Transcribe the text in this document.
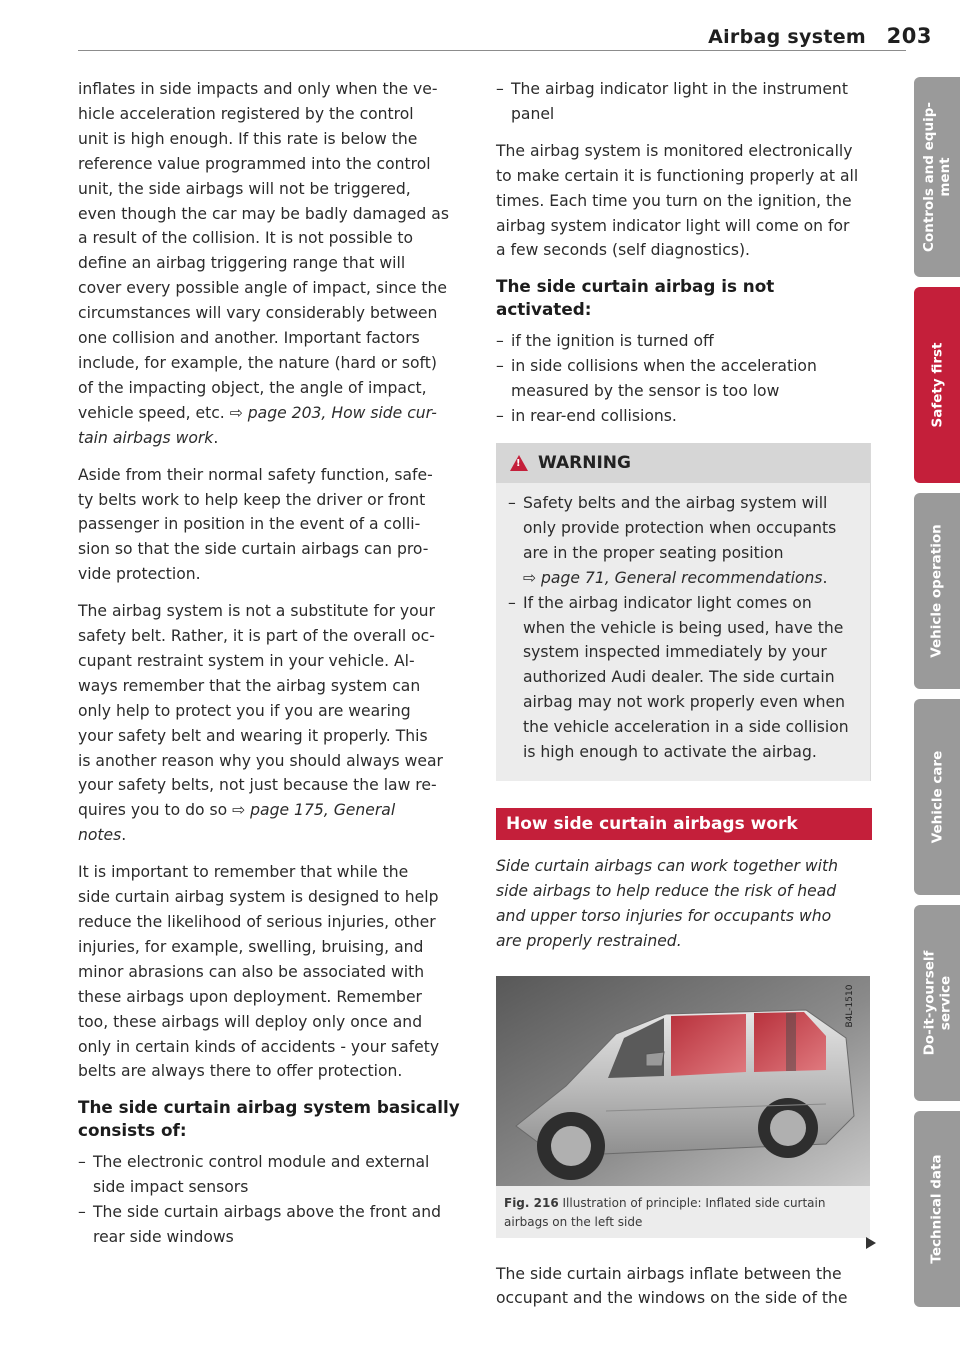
Airbag system 203

inflates in side impacts and only when the ve-
hicle acceleration registered by the control
unit is high enough. If this rate is below the
reference value programmed into the control
unit, the side airbags will not be triggered,
even though the car may be badly damaged as
a result of the collision. It is not possible to
define an airbag triggering range that will
cover every possible angle of impact, since the
circumstances will vary considerably between
one collision and another. Important factors
include, for example, the nature (hard or soft)
of the impacting object, the angle of impact,
vehicle speed, etc. ⇨ page 203, How side cur-
tain airbags work.

Aside from their normal safety function, safe-
ty belts work to help keep the driver or front
passenger in position in the event of a colli-
sion so that the side curtain airbags can pro-
vide protection.

The airbag system is not a substitute for your
safety belt. Rather, it is part of the overall oc-
cupant restraint system in your vehicle. Al-
ways remember that the airbag system can
only help to protect you if you are wearing
your safety belt and wearing it properly. This
is another reason why you should always wear
your safety belts, not just because the law re-
quires you to do so ⇨ page 175, General
notes.

It is important to remember that while the
side curtain airbag system is designed to help
reduce the likelihood of serious injuries, other
injuries, for example, swelling, bruising, and
minor abrasions can also be associated with
these airbags upon deployment. Remember
too, these airbags will deploy only once and
only in certain kinds of accidents - your safety
belts are always there to offer protection.

The side curtain airbag system basically
consists of:
– The electronic control module and external
side impact sensors
– The side curtain airbags above the front and
rear side windows
– The airbag indicator light in the instrument
panel

The airbag system is monitored electronically
to make certain it is functioning properly at all
times. Each time you turn on the ignition, the
airbag system indicator light will come on for
a few seconds (self diagnostics).

The side curtain airbag is not activated:
– if the ignition is turned off
– in side collisions when the acceleration
measured by the sensor is too low
– in rear-end collisions.
! WARNING
– Safety belts and the airbag system will
only provide protection when occupants
are in the proper seating position
⇨ page 71, General recommendations.
– If the airbag indicator light comes on
when the vehicle is being used, have the
system inspected immediately by your
authorized Audi dealer. The side curtain
airbag may not work properly even when
the vehicle acceleration in a side collision
is high enough to activate the airbag.
How side curtain airbags work

Side curtain airbags can work together with
side airbags to help reduce the risk of head
and upper torso injuries for occupants who
are properly restrained.

B4L-1510
Fig. 216 Illustration of principle: Inflated side curtain
airbags on the left side

The side curtain airbags inflate between the
occupant and the windows on the side of the

Controls and equip- ment
Safety first
Vehicle operation
Vehicle care
Do-it-yourself service
Technical data
